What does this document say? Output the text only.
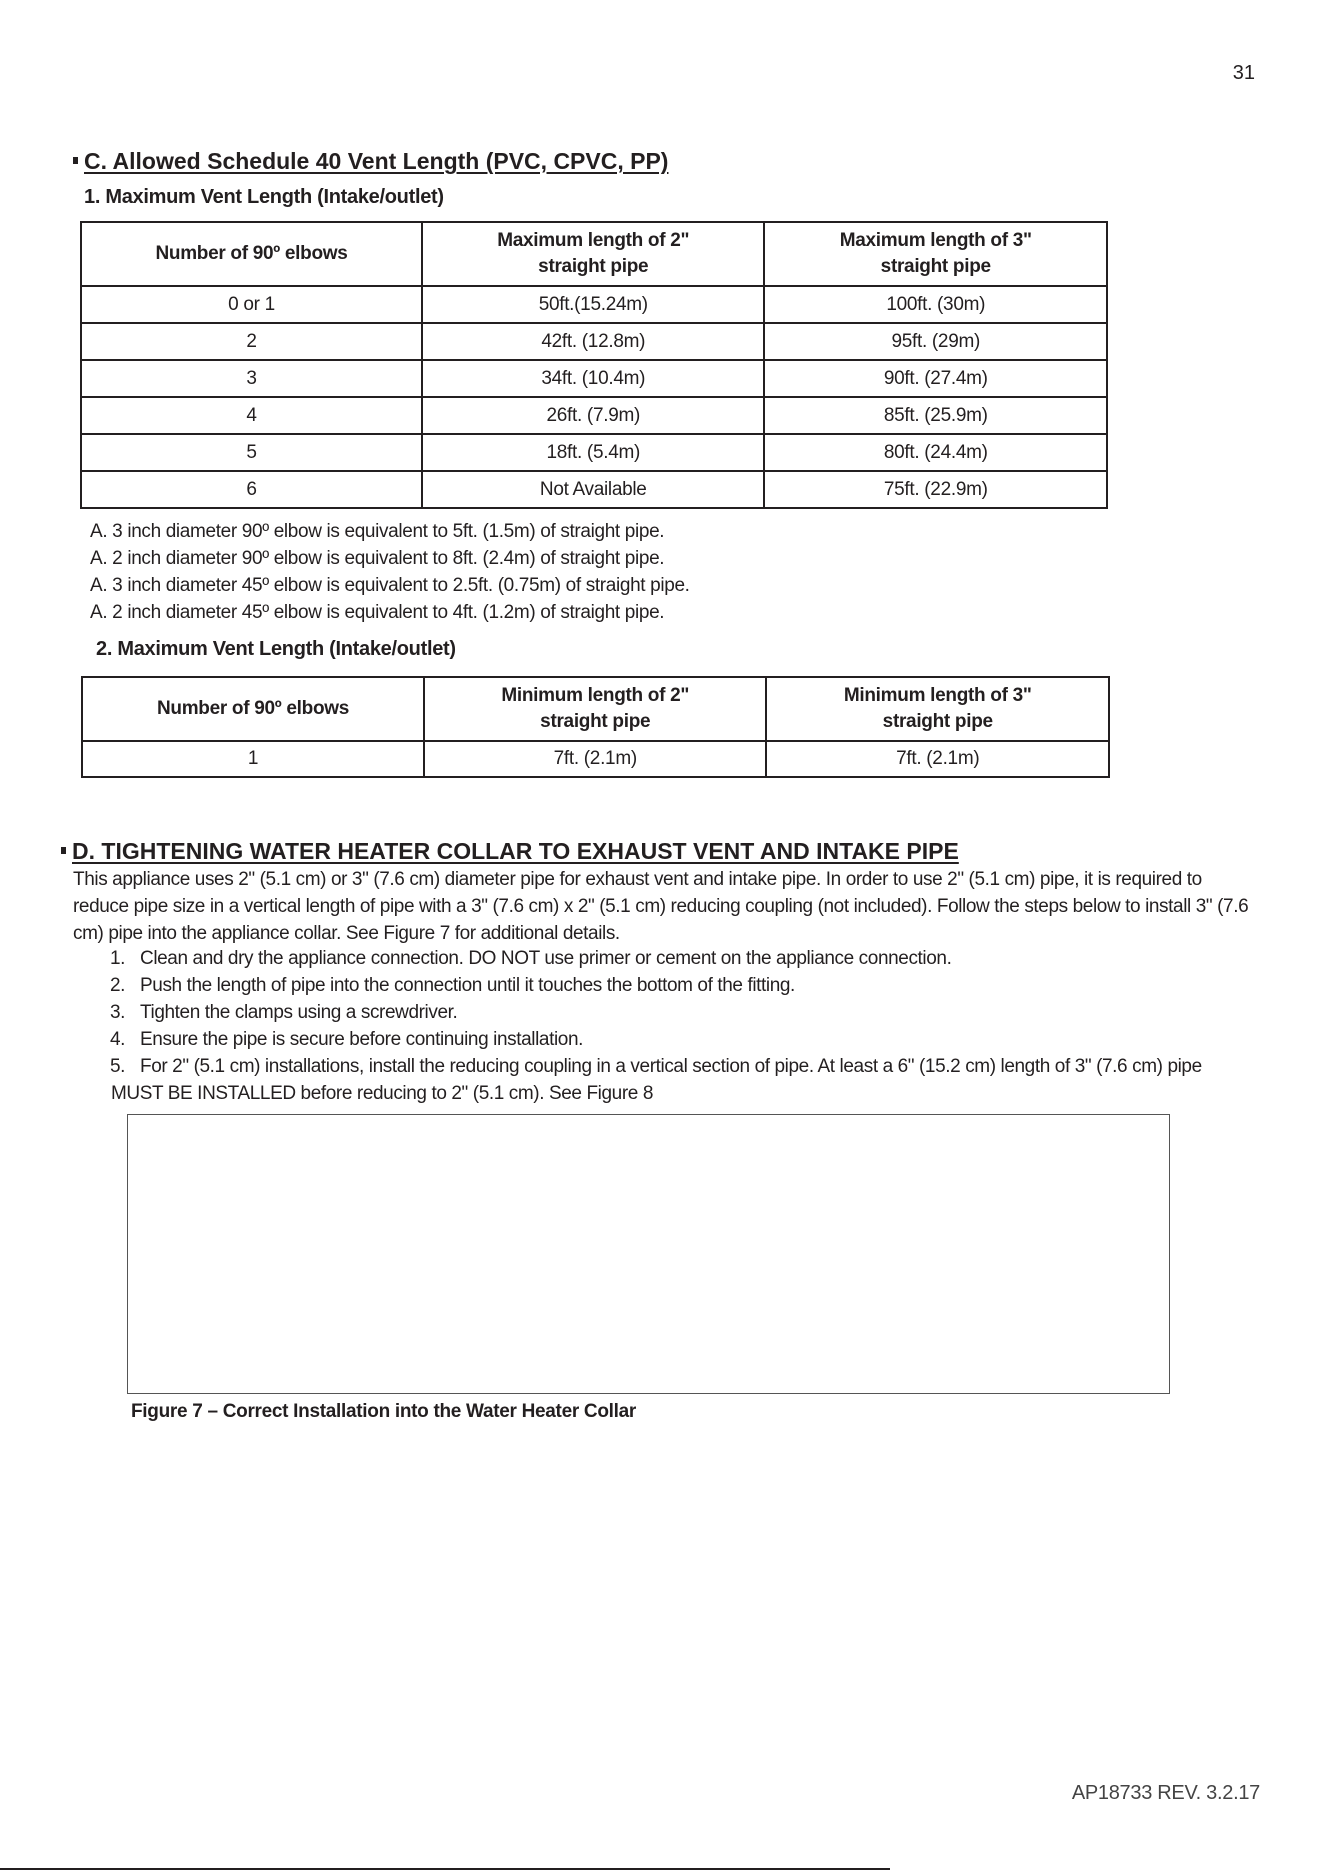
31
C. Allowed Schedule 40 Vent Length (PVC, CPVC, PP)
1. Maximum Vent Length (Intake/outlet)
Number of 90º elbows	Maximum length of 2" straight pipe	Maximum length of 3" straight pipe
0 or 1	50ft.(15.24m)	100ft. (30m)
2	42ft. (12.8m)	95ft. (29m)
3	34ft. (10.4m)	90ft. (27.4m)
4	26ft. (7.9m)	85ft. (25.9m)
5	18ft. (5.4m)	80ft. (24.4m)
6	Not Available	75ft. (22.9m)
A. 3 inch diameter 90º elbow is equivalent to 5ft. (1.5m) of straight pipe.
A. 2 inch diameter 90º elbow is equivalent to 8ft. (2.4m) of straight pipe.
A. 3 inch diameter 45º elbow is equivalent to 2.5ft. (0.75m) of straight pipe.
A. 2 inch diameter 45º elbow is equivalent to 4ft. (1.2m) of straight pipe.
2. Maximum Vent Length (Intake/outlet)
Number of 90º elbows	Minimum length of 2" straight pipe	Minimum length of 3" straight pipe
1	7ft. (2.1m)	7ft. (2.1m)
D. TIGHTENING WATER HEATER COLLAR TO EXHAUST VENT AND INTAKE PIPE
This appliance uses 2" (5.1 cm) or 3" (7.6 cm) diameter pipe for exhaust vent and intake pipe. In order to use 2" (5.1 cm) pipe, it is required to reduce pipe size in a vertical length of pipe with a 3" (7.6 cm) x 2" (5.1 cm) reducing coupling (not included). Follow the steps below to install 3" (7.6 cm) pipe into the appliance collar. See Figure 7 for additional details.
1. Clean and dry the appliance connection. DO NOT use primer or cement on the appliance connection.
2. Push the length of pipe into the connection until it touches the bottom of the fitting.
3. Tighten the clamps using a screwdriver.
4. Ensure the pipe is secure before continuing installation.
5. For 2" (5.1 cm) installations, install the reducing coupling in a vertical section of pipe. At least a 6" (15.2 cm) length of 3" (7.6 cm) pipe
MUST BE INSTALLED before reducing to 2" (5.1 cm). See Figure 8
Figure 7 – Correct Installation into the Water Heater Collar
AP18733 REV. 3.2.17
